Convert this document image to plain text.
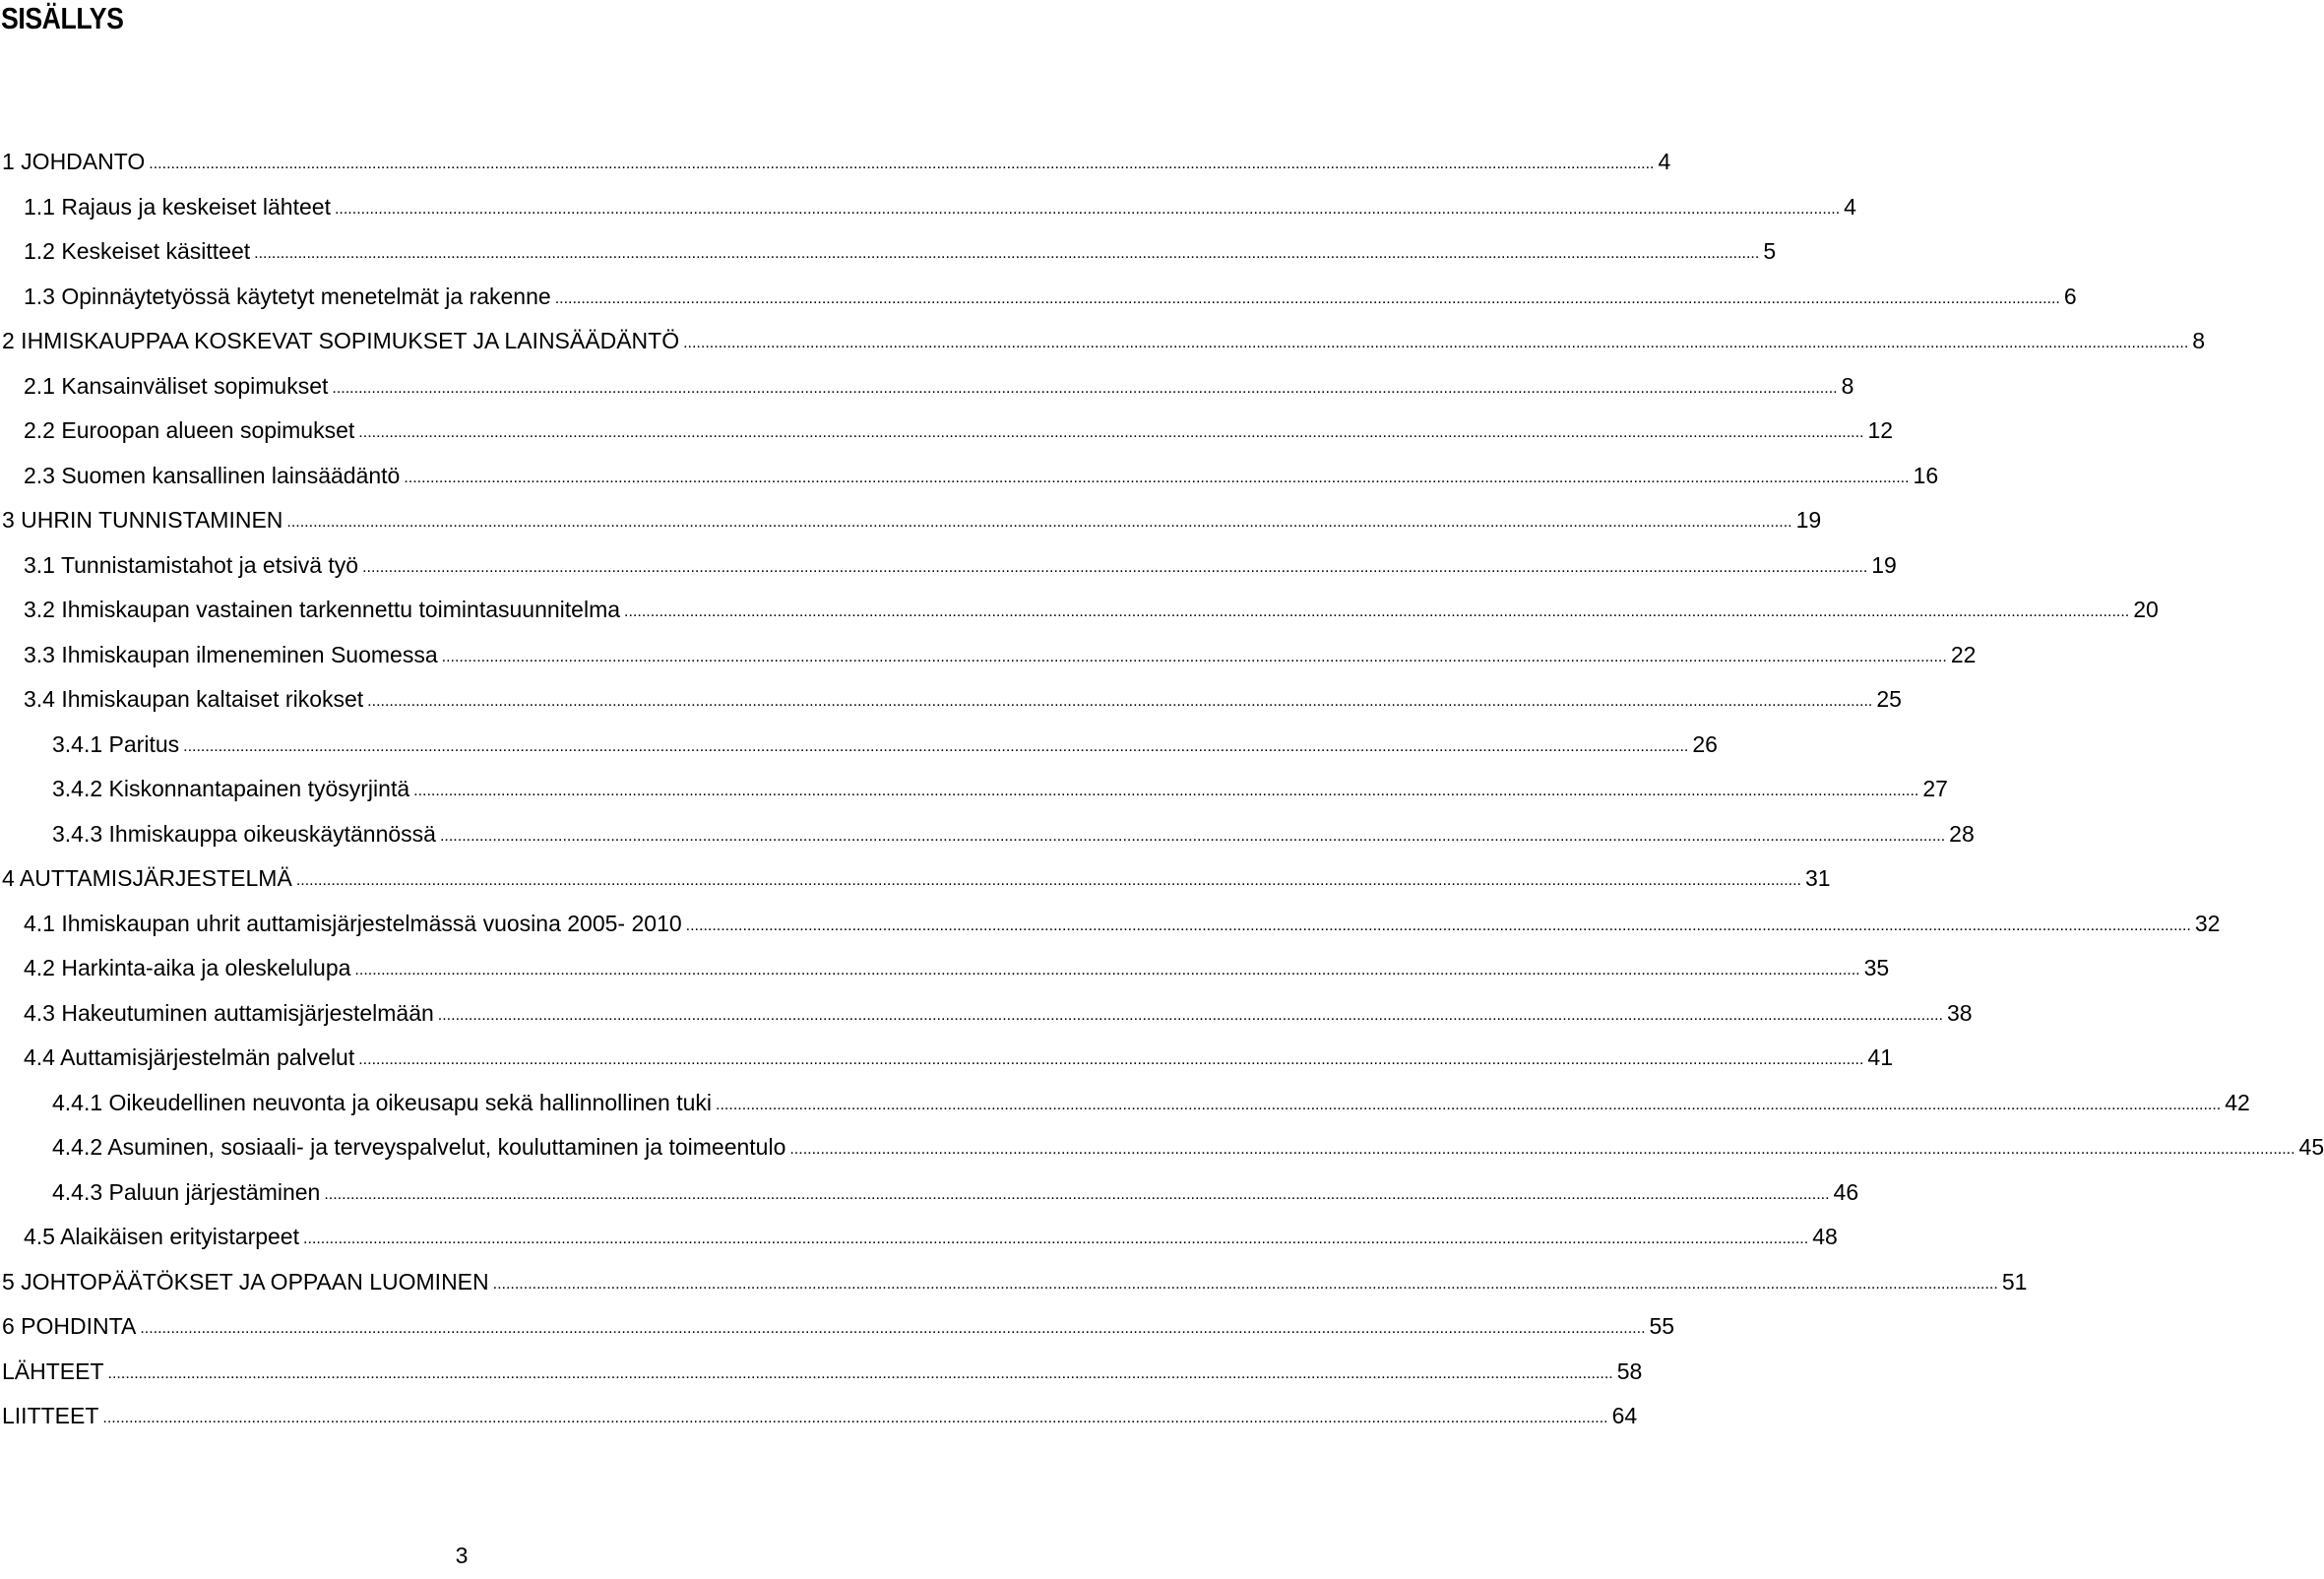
SISÄLLYS
1 JOHDANTO .....	4
1.1 Rajaus ja keskeiset lähteet .....	4
1.2 Keskeiset käsitteet .....	5
1.3 Opinnäytetyössä käytetyt menetelmät ja rakenne .....	6
2 IHMISKAUPPAA KOSKEVAT SOPIMUKSET JA LAINSÄÄDÄNTÖ .....	8
2.1 Kansainväliset sopimukset .....	8
2.2 Euroopan alueen sopimukset .....	12
2.3 Suomen kansallinen lainsäädäntö .....	16
3 UHRIN TUNNISTAMINEN .....	19
3.1 Tunnistamistahot ja etsivä työ .....	19
3.2 Ihmiskaupan vastainen tarkennettu toimintasuunnitelma .....	20
3.3 Ihmiskaupan ilmeneminen Suomessa .....	22
3.4 Ihmiskaupan kaltaiset rikokset .....	25
3.4.1 Paritus .....	26
3.4.2 Kiskonnantapainen työsyrjintä .....	27
3.4.3 Ihmiskauppa oikeuskäytännössä .....	28
4 AUTTAMISJÄRJESTELMÄ .....	31
4.1 Ihmiskaupan uhrit auttamisjärjestelmässä vuosina 2005- 2010 .....	32
4.2 Harkinta-aika ja oleskelulupa .....	35
4.3 Hakeutuminen auttamisjärjestelmään .....	38
4.4 Auttamisjärjestelmän palvelut .....	41
4.4.1 Oikeudellinen neuvonta ja oikeusapu sekä hallinnollinen tuki .....	42
4.4.2 Asuminen, sosiaali- ja terveyspalvelut, kouluttaminen ja toimeentulo .....	45
4.4.3 Paluun järjestäminen .....	46
4.5 Alaikäisen erityistarpeet .....	48
5 JOHTOPÄÄTÖKSET JA OPPAAN LUOMINEN .....	51
6 POHDINTA .....	55
LÄHTEET .....	58
LIITTEET .....	64
3
